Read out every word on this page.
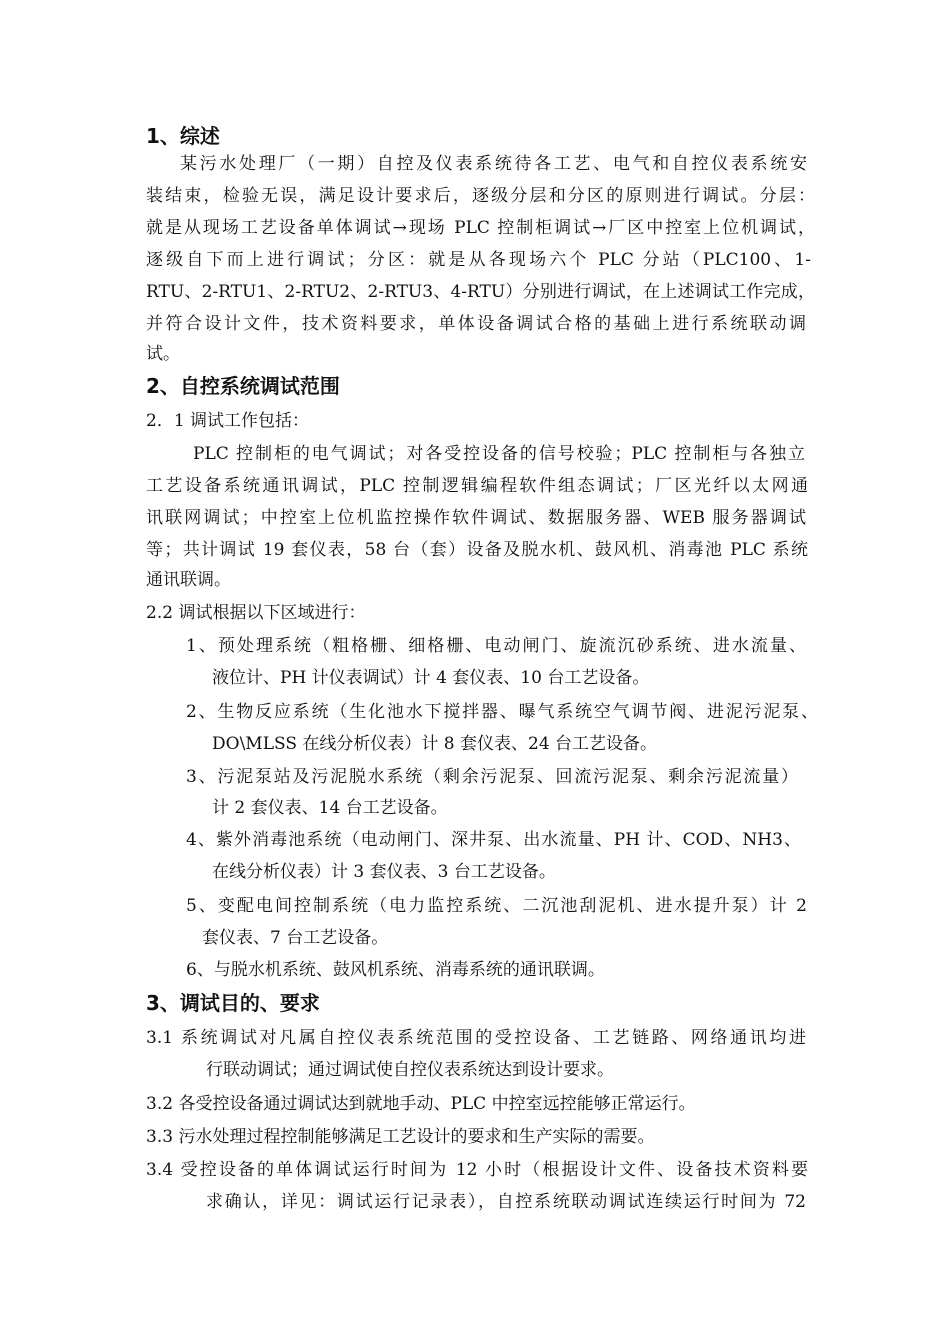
1、综述
某污水处理厂（一期）自控及仪表系统待各工艺、电气和自控仪表系统安
装结束，检验无误，满足设计要求后，逐级分层和分区的原则进行调试。分层：
就是从现场工艺设备单体调试→现场 PLC 控制柜调试→厂区中控室上位机调试，
逐级自下而上进行调试；分区：就是从各现场六个 PLC 分站（PLC100、1-
RTU、2-RTU1、2-RTU2、2-RTU3、4-RTU）分别进行调试，在上述调试工作完成，
并符合设计文件，技术资料要求，单体设备调试合格的基础上进行系统联动调
试。
2、自控系统调试范围
2．1 调试工作包括：
PLC 控制柜的电气调试；对各受控设备的信号校验；PLC 控制柜与各独立
工艺设备系统通讯调试，PLC 控制逻辑编程软件组态调试；厂区光纤以太网通
讯联网调试；中控室上位机监控操作软件调试、数据服务器、WEB 服务器调试
等；共计调试 19 套仪表，58 台（套）设备及脱水机、鼓风机、消毒池 PLC 系统
通讯联调。
2.2 调试根据以下区域进行：
1、预处理系统（粗格栅、细格栅、电动闸门、旋流沉砂系统、进水流量、
液位计、PH 计仪表调试）计 4 套仪表、10 台工艺设备。
2、生物反应系统（生化池水下搅拌器、曝气系统空气调节阀、进泥污泥泵、
DO\MLSS 在线分析仪表）计 8 套仪表、24 台工艺设备。
3、污泥泵站及污泥脱水系统（剩余污泥泵、回流污泥泵、剩余污泥流量）
计 2 套仪表、14 台工艺设备。
4、紫外消毒池系统（电动闸门、深井泵、出水流量、PH 计、COD、NH3、
在线分析仪表）计 3 套仪表、3 台工艺设备。
5、变配电间控制系统（电力监控系统、二沉池刮泥机、进水提升泵）计 2
套仪表、7 台工艺设备。
6、与脱水机系统、鼓风机系统、消毒系统的通讯联调。
3、调试目的、要求
3.1 系统调试对凡属自控仪表系统范围的受控设备、工艺链路、网络通讯均进
行联动调试；通过调试使自控仪表系统达到设计要求。
3.2 各受控设备通过调试达到就地手动、PLC 中控室远控能够正常运行。
3.3 污水处理过程控制能够满足工艺设计的要求和生产实际的需要。
3.4 受控设备的单体调试运行时间为 12 小时（根据设计文件、设备技术资料要
求确认，详见：调试运行记录表），自控系统联动调试连续运行时间为 72
